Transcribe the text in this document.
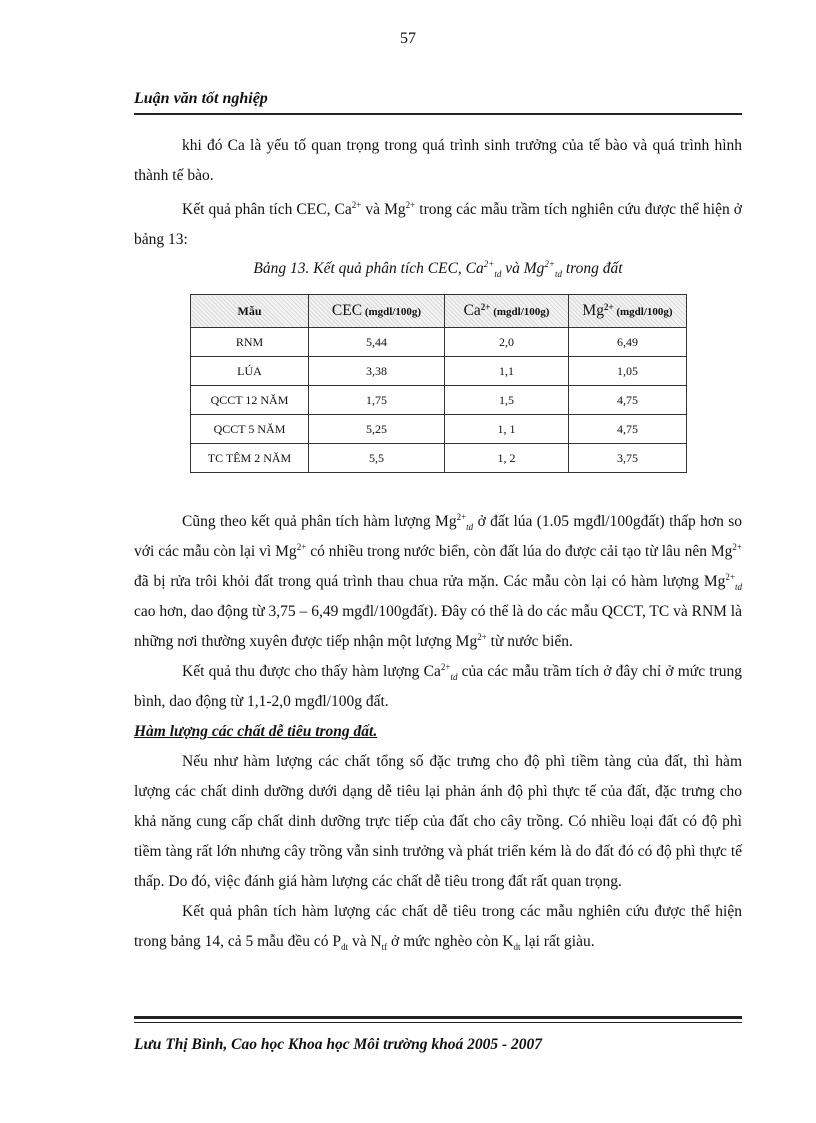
57
Luận văn tốt nghiệp

khi đó Ca là yếu tố quan trọng trong quá trình sinh trưởng của tế bào và quá trình hình thành tế bào.

Kết quả phân tích CEC, $Ca^{2+}$ và $Mg^{2+}$ trong các mẫu trầm tích nghiên cứu được thể hiện ở bảng 13:

Bảng 13. Kết quả phân tích CEC, $Ca^{2+}_{td}$ và $Mg^{2+}_{td}$ trong đất
Mẫu	CEC (mgdl/100g)	$Ca^{2+}$ (mgdl/100g)	$Mg^{2+}$ (mgdl/100g)
RNM	5,44	2,0	6,49
LÚA	3,38	1,1	1,05
QCCT 12 NĂM	1,75	1,5	4,75
QCCT 5 NĂM	5,25	1, 1	4,75
TC TÊM 2 NĂM	5,5	1, 2	3,75

Cũng theo kết quả phân tích hàm lượng $Mg^{2+}_{td}$ ở đất lúa (1.05 mgđl/100gđất) thấp hơn so với các mẫu còn lại vì $Mg^{2+}$ có nhiều trong nước biển, còn đất lúa do được cải tạo từ lâu nên $Mg^{2+}$ đã bị rửa trôi khỏi đất trong quá trình thau chua rửa mặn. Các mẫu còn lại có hàm lượng $Mg^{2+}_{td}$ cao hơn, dao động từ 3,75 – 6,49 mgđl/100gđất). Đây có thể là do các mẫu QCCT, TC và RNM là những nơi thường xuyên được tiếp nhận một lượng $Mg^{2+}$ từ nước biển.

Kết quả thu được cho thấy hàm lượng $Ca^{2+}_{td}$ của các mẫu trầm tích ở đây chỉ ở mức trung bình, dao động từ 1,1-2,0 mgđl/100g đất.

Hàm lượng các chất dễ tiêu trong đất.

Nếu như hàm lượng các chất tổng số đặc trưng cho độ phì tiềm tàng của đất, thì hàm lượng các chất dinh dưỡng dưới dạng dễ tiêu lại phản ánh độ phì thực tế của đất, đặc trưng cho khả năng cung cấp chất dinh dưỡng trực tiếp của đất cho cây trồng. Có nhiều loại đất có độ phì tiềm tàng rất lớn nhưng cây trồng vẫn sinh trưởng và phát triển kém là do đất đó có độ phì thực tế thấp. Do đó, việc đánh giá hàm lượng các chất dễ tiêu trong đất rất quan trọng.

Kết quả phân tích hàm lượng các chất dễ tiêu trong các mẫu nghiên cứu được thể hiện trong bảng 14, cả 5 mẫu đều có $P_{dt}$ và $N_{tf}$ ở mức nghèo còn $K_{dt}$ lại rất giàu.

Lưu Thị Bình, Cao học Khoa học Môi trường khoá 2005 - 2007
